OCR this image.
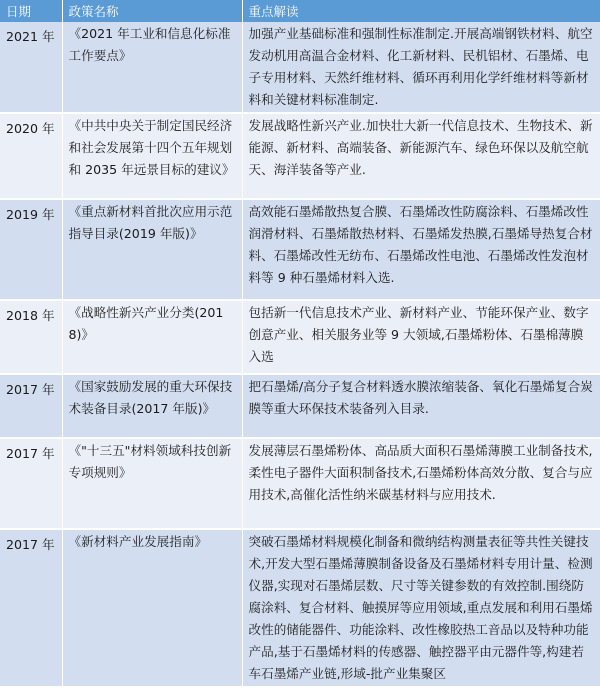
日期	政策名称	重点解读
2021 年	《2021 年工业和信息化标准工作要点》	加强产业基础标准和强制性标准制定.开展高端钢铁材料、航空发动机用高温合金材料、化工新材料、民机铝材、石墨烯、电子专用材料、天然纤维材料、循环再利用化学纤维材料等新材料和关键材料标准制定.
2020 年	《中共中央关于制定国民经济和社会发展第十四个五年规划和 2035 年远景目标的建议》	发展战略性新兴产业.加快壮大新一代信息技术、生物技术、新能源、新材料、高端装备、新能源汽车、绿色环保以及航空航天、海洋装备等产业.
2019 年	《重点新材料首批次应用示范指导目录(2019 年版)》	高效能石墨烯散热复合膜、石墨烯改性防腐涂料、石墨烯改性润滑材料、石墨烯散热材料、石墨烯发热膜,石墨烯导热复合材料、石墨烯改性无纺布、石墨烯改性电池、石墨烯改性发泡材料等 9 种石墨烯材料入选.
2018 年	《战略性新兴产业分类(2018)》	包括新一代信息技术产业、新材料产业、节能环保产业、数字创意产业、相关服务业等 9 大领域,石墨烯粉体、石墨棉薄膜入选
2017 年	《国家鼓励发展的重大环保技术装备目录(2017 年版)》	把石墨烯/高分子复合材料透水膜浓缩装备、氧化石墨烯复合炭膜等重大环保技术装备列入目录.
2017 年	《"十三五"材料领域科技创新专项规则》	发展薄层石墨烯粉体、高品质大面积石墨烯薄膜工业制备技术,柔性电子器件大面积制备技术,石墨烯粉体高效分散、复合与应用技术,高催化活性纳米碳基材料与应用技术.
2017 年	《新材料产业发展指南》	突破石墨烯材料规模化制备和微纳结构测量表征等共性关键技术,开发大型石墨烯薄膜制备设备及石墨烯材料专用计量、检测仪器,实现对石墨烯层数、尺寸等关键参数的有效控制.围绕防腐涂料、复合材料、触摸屏等应用领域,重点发展和利用石墨烯改性的储能器件、功能涂料、改性橡胶热工音品以及特种功能产品,基于石墨烯材料的传感器、触控器平由元器件等,构建若车石墨烯产业链,形域-批产业集聚区
